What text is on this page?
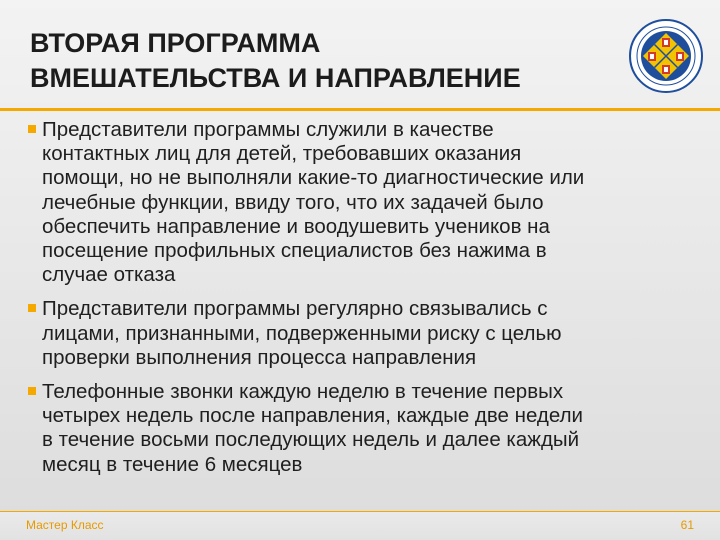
ВТОРАЯ ПРОГРАММА
ВМЕШАТЕЛЬСТВА И НАПРАВЛЕНИЕ
Представители программы служили в качестве
контактных лиц для детей, требовавших оказания
помощи, но не выполняли какие-то диагностические или
лечебные функции, ввиду того, что их задачей было
обеспечить направление и воодушевить учеников на
посещение профильных специалистов без нажима в
случае отказа
Представители программы регулярно связывались с
лицами, признанными, подверженными риску с целью
проверки выполнения процесса направления
Телефонные звонки каждую неделю в течение первых
четырех недель после направления, каждые две недели
в течение восьми последующих недель и далее каждый
месяц в течение 6 месяцев
Мастер Класс	61
